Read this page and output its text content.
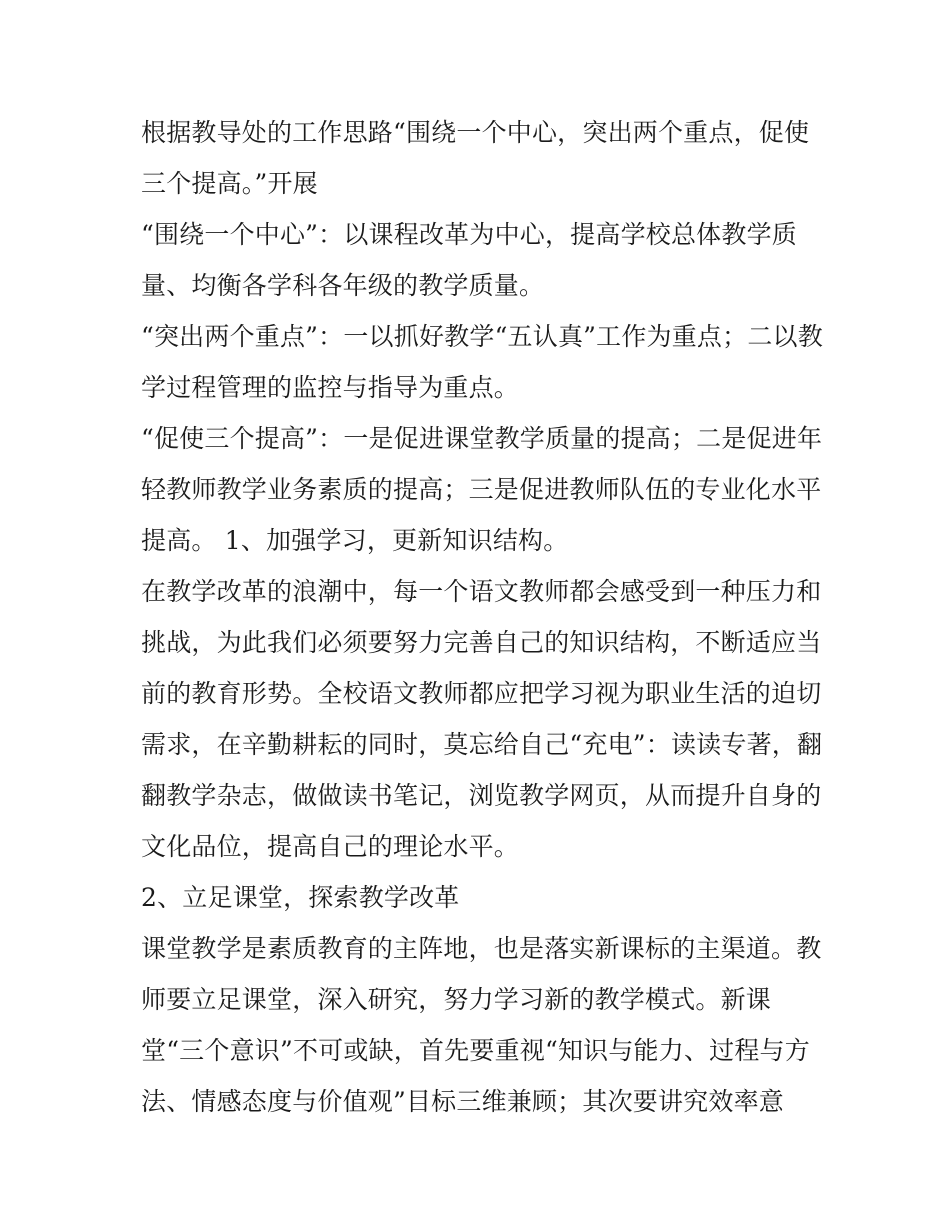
根据教导处的工作思路“围绕一个中心，突出两个重点，促使
三个提高。”开展
“围绕一个中心”：以课程改革为中心，提高学校总体教学质
量、均衡各学科各年级的教学质量。
“突出两个重点”：一以抓好教学“五认真”工作为重点；二以教
学过程管理的监控与指导为重点。
“促使三个提高”：一是促进课堂教学质量的提高；二是促进年
轻教师教学业务素质的提高；三是促进教师队伍的专业化水平
提高。 1、加强学习，更新知识结构。
在教学改革的浪潮中，每一个语文教师都会感受到一种压力和
挑战，为此我们必须要努力完善自己的知识结构，不断适应当
前的教育形势。全校语文教师都应把学习视为职业生活的迫切
需求，在辛勤耕耘的同时，莫忘给自己“充电”：读读专著，翻
翻教学杂志，做做读书笔记，浏览教学网页，从而提升自身的
文化品位，提高自己的理论水平。
2、立足课堂，探索教学改革
课堂教学是素质教育的主阵地，也是落实新课标的主渠道。教
师要立足课堂，深入研究，努力学习新的教学模式。新课
堂“三个意识”不可或缺，首先要重视“知识与能力、过程与方
法、情感态度与价值观”目标三维兼顾；其次要讲究效率意
